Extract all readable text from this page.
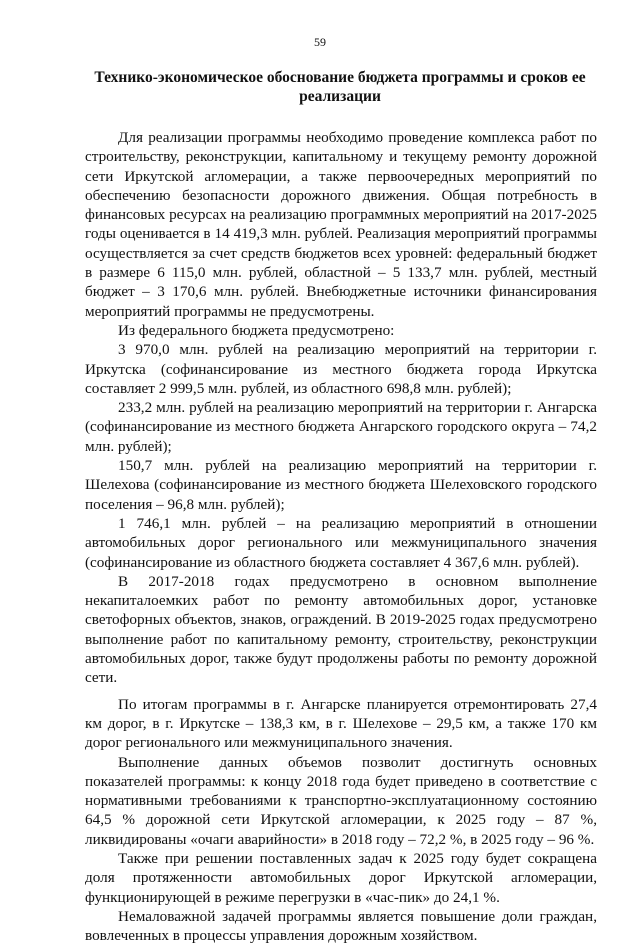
59
Технико-экономическое обоснование бюджета программы и сроков ее реализации

Для реализации программы необходимо проведение комплекса работ по строительству, реконструкции, капитальному и текущему ремонту дорожной сети Иркутской агломерации, а также первоочередных мероприятий по обеспечению безопасности дорожного движения. Общая потребность в финансовых ресурсах на реализацию программных мероприятий на 2017-2025 годы оценивается в 14 419,3 млн. рублей. Реализация мероприятий программы осуществляется за счет средств бюджетов всех уровней: федеральный бюджет в размере 6 115,0 млн. рублей, областной – 5 133,7 млн. рублей, местный бюджет – 3 170,6 млн. рублей. Внебюджетные источники финансирования мероприятий программы не предусмотрены.

Из федерального бюджета предусмотрено:

3 970,0 млн. рублей на реализацию мероприятий на территории г. Иркутска (софинансирование из местного бюджета города Иркутска составляет 2 999,5 млн. рублей, из областного 698,8 млн. рублей);

233,2 млн. рублей на реализацию мероприятий на территории г. Ангарска (софинансирование из местного бюджета Ангарского городского округа – 74,2 млн. рублей);

150,7 млн. рублей на реализацию мероприятий на территории г. Шелехова (софинансирование из местного бюджета Шелеховского городского поселения – 96,8 млн. рублей);

1 746,1 млн. рублей – на реализацию мероприятий в отношении автомобильных дорог регионального или межмуниципального значения (софинансирование из областного бюджета составляет 4 367,6 млн. рублей).

В 2017-2018 годах предусмотрено в основном выполнение некапиталоемких работ по ремонту автомобильных дорог, установке светофорных объектов, знаков, ограждений. В 2019-2025 годах предусмотрено выполнение работ по капитальному ремонту, строительству, реконструкции автомобильных дорог, также будут продолжены работы по ремонту дорожной сети.

По итогам программы в г. Ангарске планируется отремонтировать 27,4 км дорог, в г. Иркутске – 138,3 км, в г. Шелехове – 29,5 км, а также 170 км дорог регионального или межмуниципального значения.

Выполнение данных объемов позволит достигнуть основных показателей программы: к концу 2018 года будет приведено в соответствие с нормативными требованиями к транспортно-эксплуатационному состоянию 64,5 % дорожной сети Иркутской агломерации, к 2025 году – 87 %, ликвидированы «очаги аварийности» в 2018 году – 72,2 %, в 2025 году – 96 %.

Также при решении поставленных задач к 2025 году будет сокращена доля протяженности автомобильных дорог Иркутской агломерации, функционирующей в режиме перегрузки в «час-пик» до 24,1 %.

Немаловажной задачей программы является повышение доли граждан, вовлеченных в процессы управления дорожным хозяйством.
